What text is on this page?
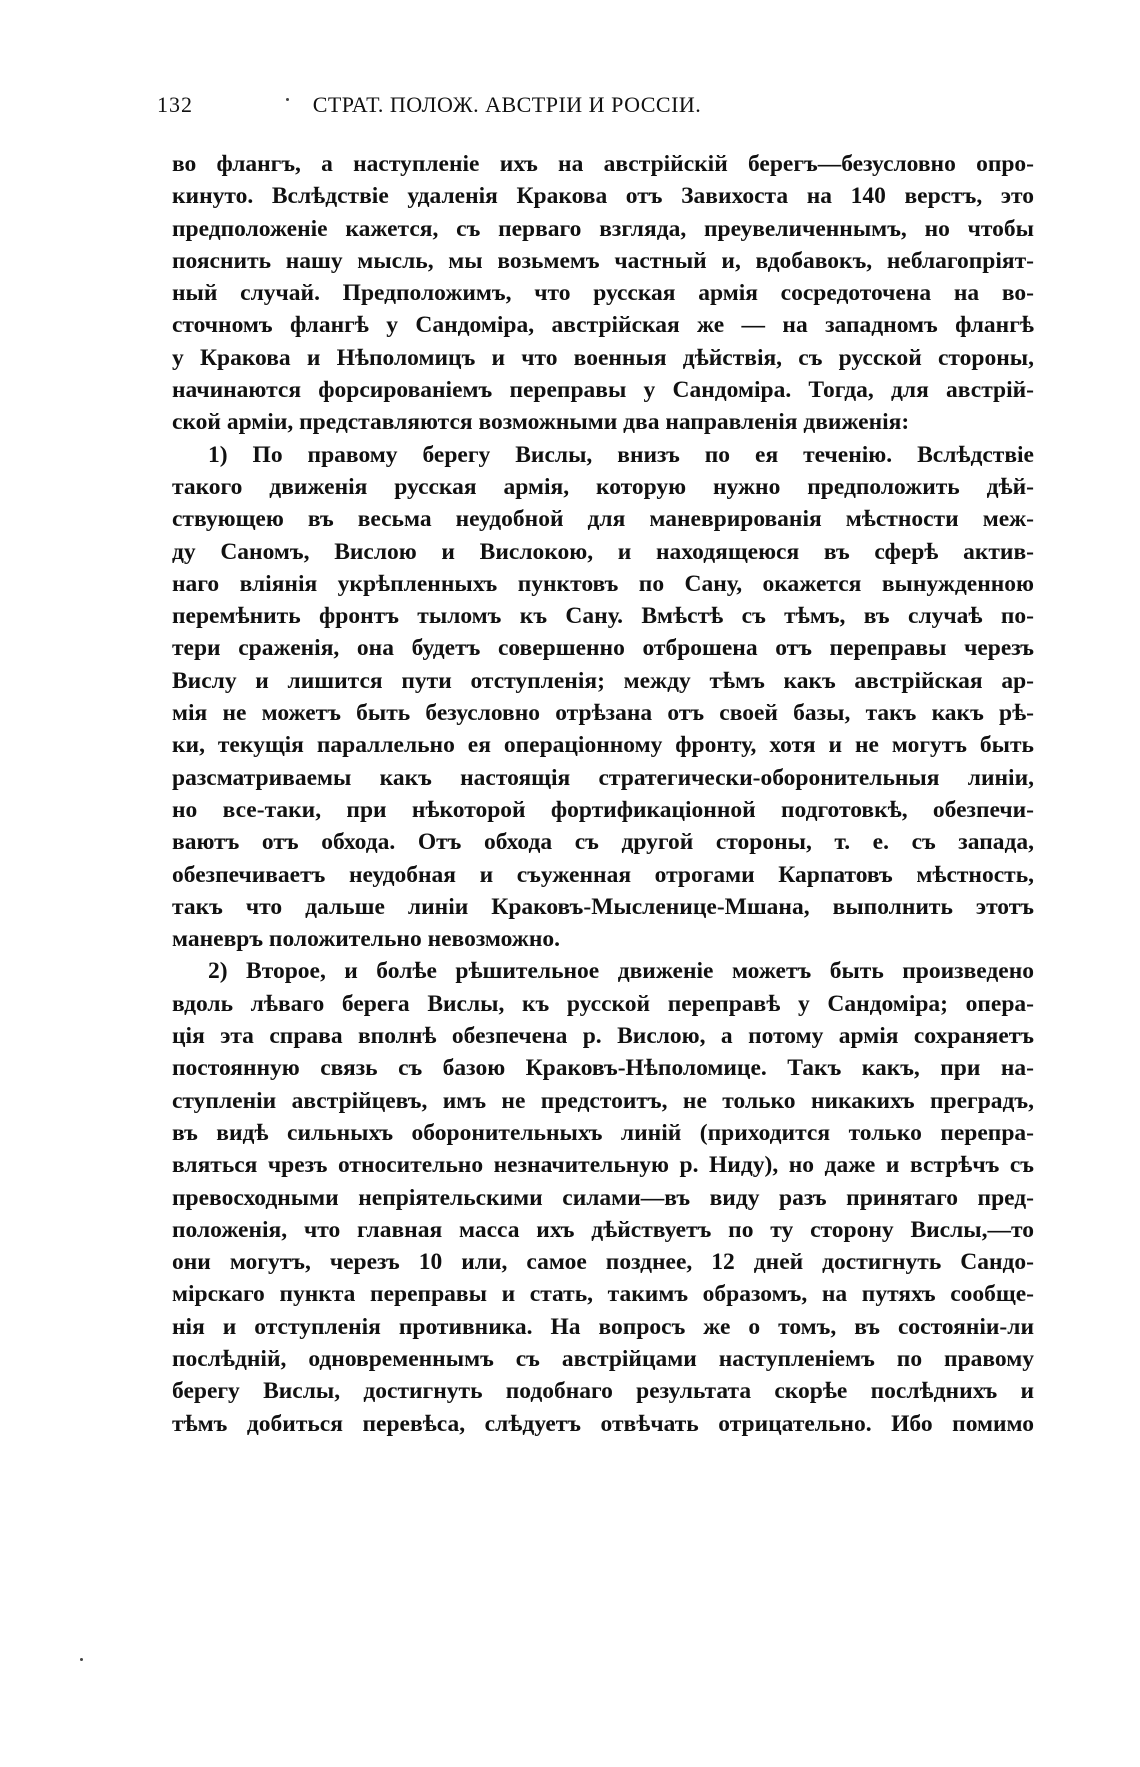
132	СТРАТ. ПОЛОЖ. АВСТРІИ И РОССІИ.
во флангъ, а наступленіе ихъ на австрійскій берегъ—безусловно опро-
кинуто. Вслѣдствіе удаленія Кракова отъ Завихоста на 140 верстъ, это
предположеніе кажется, съ перваго взгляда, преувеличеннымъ, но чтобы
пояснить нашу мысль, мы возьмемъ частный и, вдобавокъ, неблагопріят-
ный случай. Предположимъ, что русская армія сосредоточена на во-
сточномъ флангѣ у Сандоміра, австрійская же — на западномъ флангѣ
у Кракова и Нѣполомицъ и что военныя дѣйствія, съ русской стороны,
начинаются форсированіемъ переправы у Сандоміра. Тогда, для австрій-
ской арміи, представляются возможными два направленія движенія:
1) По правому берегу Вислы, внизъ по ея теченію. Вслѣдствіе
такого движенія русская армія, которую нужно предположить дѣй-
ствующею въ весьма неудобной для маневрированія мѣстности меж-
ду Саномъ, Вислою и Вислокою, и находящеюся въ сферѣ актив-
наго вліянія укрѣпленныхъ пунктовъ по Сану, окажется вынужденною
перемѣнить фронтъ тыломъ къ Сану. Вмѣстѣ съ тѣмъ, въ случаѣ по-
тери сраженія, она будетъ совершенно отброшена отъ переправы черезъ
Вислу и лишится пути отступленія; между тѣмъ какъ австрійская ар-
мія не можетъ быть безусловно отрѣзана отъ своей базы, такъ какъ рѣ-
ки, текущія параллельно ея операціонному фронту, хотя и не могутъ быть
разсматриваемы какъ настоящія стратегически-оборонительныя линіи,
но все-таки, при нѣкоторой фортификаціонной подготовкѣ, обезпечи-
ваютъ отъ обхода. Отъ обхода съ другой стороны, т. е. съ запада,
обезпечиваетъ неудобная и съуженная отрогами Карпатовъ мѣстность,
такъ что дальше линіи Краковъ-Мысленице-Мшана, выполнить этотъ
маневръ положительно невозможно.
2) Второе, и болѣе рѣшительное движеніе можетъ быть произведено
вдоль лѣваго берега Вислы, къ русской переправѣ у Сандоміра; опера-
ція эта справа вполнѣ обезпечена р. Вислою, а потому армія сохраняетъ
постоянную связь съ базою Краковъ-Нѣполомице. Такъ какъ, при на-
ступленіи австрійцевъ, имъ не предстоитъ, не только никакихъ преградъ,
въ видѣ сильныхъ оборонительныхъ линій (приходится только перепра-
вляться чрезъ относительно незначительную р. Ниду), но даже и встрѣчъ съ
превосходными непріятельскими силами—въ виду разъ принятаго пред-
положенія, что главная масса ихъ дѣйствуетъ по ту сторону Вислы,—то
они могутъ, черезъ 10 или, самое позднее, 12 дней достигнуть Сандо-
мірскаго пункта переправы и стать, такимъ образомъ, на путяхъ сообще-
нія и отступленія противника. На вопросъ же о томъ, въ состояніи-ли
послѣдній, одновременнымъ съ австрійцами наступленіемъ по правому
берегу Вислы, достигнуть подобнаго результата скорѣе послѣднихъ и
тѣмъ добиться перевѣса, слѣдуетъ отвѣчать отрицательно. Ибо помимо
